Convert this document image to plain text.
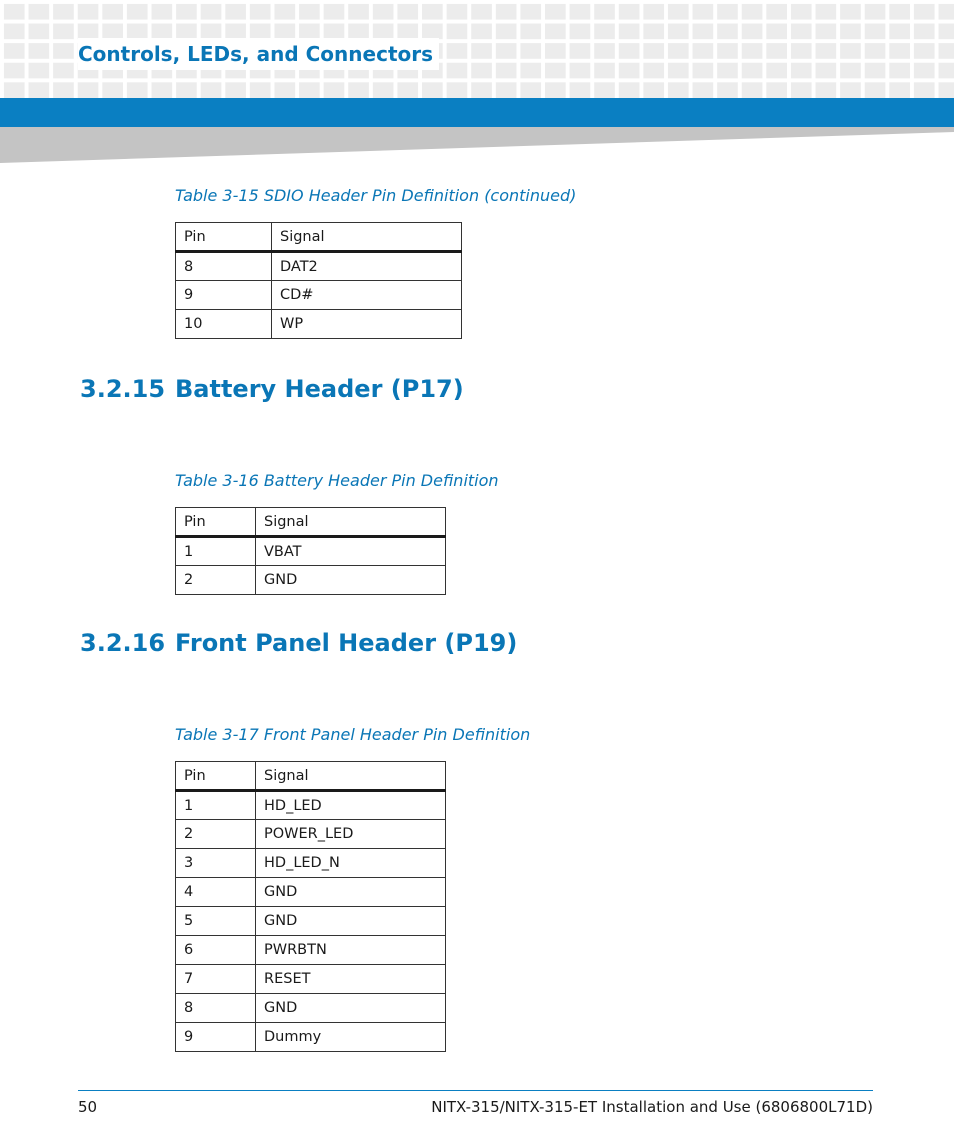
Controls, LEDs, and Connectors

Table 3-15 SDIO Header Pin Definition (continued)

Pin	Signal
8	DAT2
9	CD#
10	WP
3.2.15 Battery Header (P17)

Table 3-16 Battery Header Pin Definition

Pin	Signal
1	VBAT
2	GND
3.2.16 Front Panel Header (P19)

Table 3-17 Front Panel Header Pin Definition

Pin	Signal
1	HD_LED
2	POWER_LED
3	HD_LED_N
4	GND
5	GND
6	PWRBTN
7	RESET
8	GND
9	Dummy

50	NITX-315/NITX-315-ET Installation and Use (6806800L71D)
